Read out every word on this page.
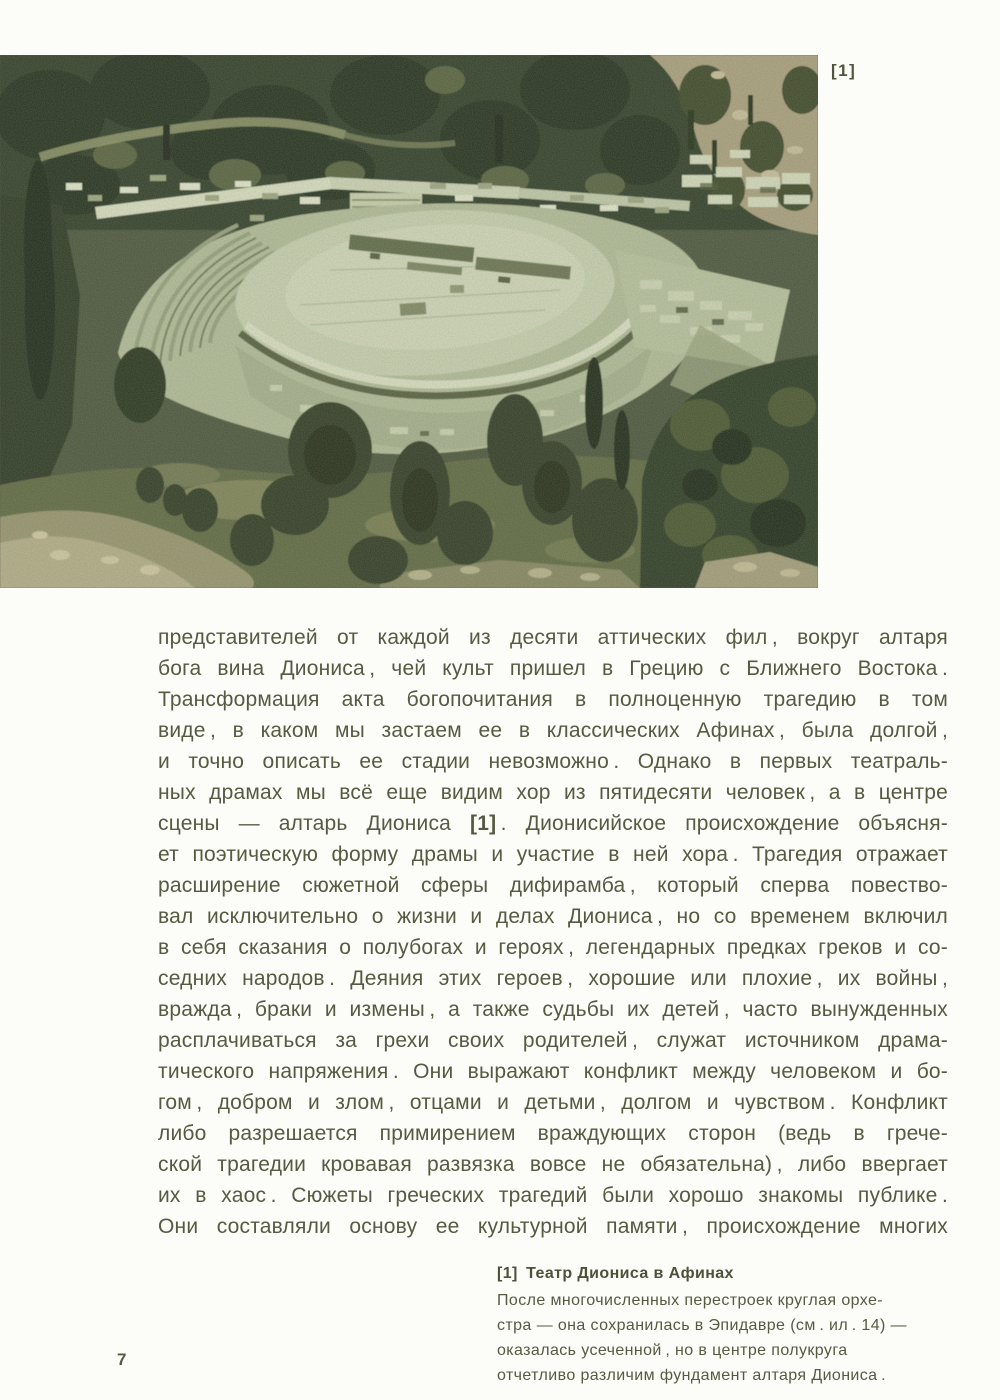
[1]
представителей от каждой из десяти аттических фил , вокруг алтаря
бога вина Диониса , чей культ пришел в Грецию с Ближнего Востока .
Трансформация акта богопочитания в полноценную трагедию в том
виде , в каком мы застаем ее в классических Афинах , была долгой ,
и точно описать ее стадии невозможно . Однако в первых театраль-
ных драмах мы всё еще видим хор из пятидесяти человек , а в центре
сцены — алтарь Диониса [1] . Дионисийское происхождение объясня-
ет поэтическую форму драмы и участие в ней хора . Трагедия отражает
расширение сюжетной сферы дифирамба , который сперва повество-
вал исключительно о жизни и делах Диониса , но со временем включил
в себя сказания о полубогах и героях , легендарных предках греков и со-
седних народов . Деяния этих героев , хорошие или плохие , их войны ,
вражда , браки и измены , а также судьбы их детей , часто вынужденных
расплачиваться за грехи своих родителей , служат источником драма-
тического напряжения . Они выражают конфликт между человеком и бо-
гом , добром и злом , отцами и детьми , долгом и чувством . Конфликт
либо разрешается примирением враждующих сторон (ведь в грече-
ской трагедии кровавая развязка вовсе не обязательна) , либо ввергает
их в хаос . Сюжеты греческих трагедий были хорошо знакомы публике .
Они составляли основу ее культурной памяти , происхождение многих
[1] Театр Диониса в Афинах
После многочисленных перестроек круглая орхе-
стра — она сохранилась в Эпидавре (см . ил . 14) —
оказалась усеченной , но в центре полукруга
отчетливо различим фундамент алтаря Диониса .
7
